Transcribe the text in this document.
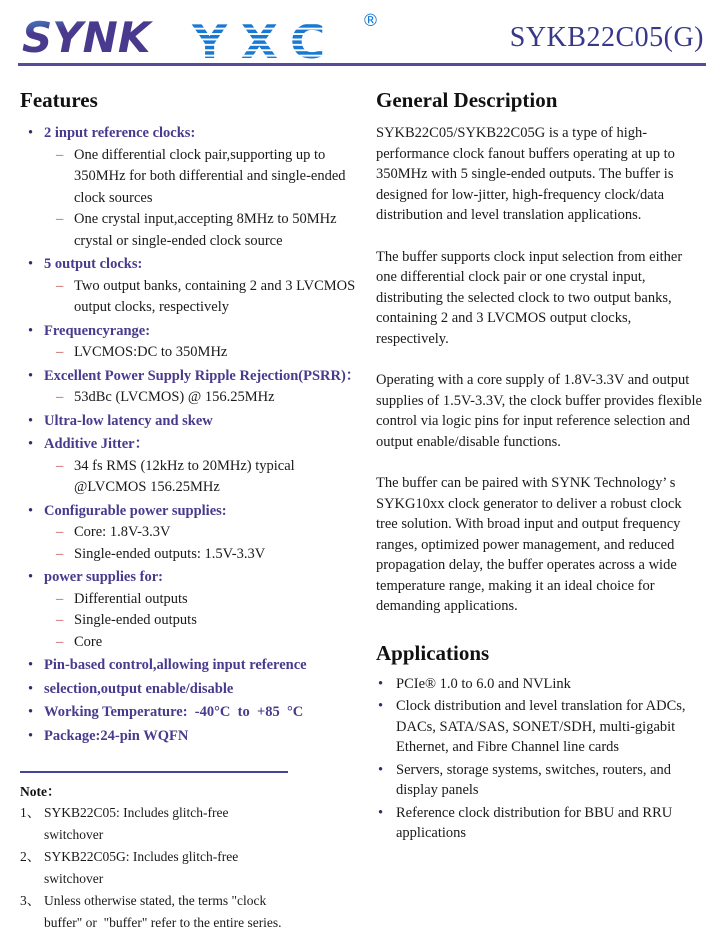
SYNK YXC ®
SYKB22C05(G)
Features
• 2 input reference clocks:
– One differential clock pair,supporting up to 350MHz for both differential and single-ended clock sources
– One crystal input,accepting 8MHz to 50MHz crystal or single-ended clock source
• 5 output clocks:
– Two output banks, containing 2 and 3 LVCMOS output clocks, respectively
• Frequencyrange:
– LVCMOS:DC to 350MHz
• Excellent Power Supply Ripple Rejection(PSRR)：
– 53dBc (LVCMOS) @ 156.25MHz
• Ultra-low latency and skew
• Additive Jitter：
– 34 fs RMS (12kHz to 20MHz) typical @LVCMOS 156.25MHz
• Configurable power supplies:
– Core: 1.8V-3.3V
– Single-ended outputs: 1.5V-3.3V
• power supplies for:
– Differential outputs
– Single-ended outputs
– Core
• Pin-based control,allowing input reference
• selection,output enable/disable
• Working Temperature:  -40°C  to  +85  °C
• Package:24-pin WQFN
Note：
1、 SYKB22C05: Includes glitch-free switchover
2、 SYKB22C05G: Includes glitch-free switchover
3、 Unless otherwise stated, the terms "clock buffer" or  "buffer" refer to the entire series.
General Description

SYKB22C05/SYKB22C05G is a type of high-performance clock fanout buffers operating at up to 350MHz with 5 single-ended outputs. The buffer is designed for low-jitter, high-frequency clock/data distribution and level translation applications.

The buffer supports clock input selection from either one differential clock pair or one crystal input, distributing the selected clock to two output banks, containing 2 and 3 LVCMOS output clocks, respectively.

Operating with a core supply of 1.8V-3.3V and output supplies of 1.5V-3.3V, the clock buffer provides flexible control via logic pins for input reference selection and output enable/disable functions.

The buffer can be paired with SYNK Technology’ s SYKG10xx clock generator to deliver a robust clock tree solution. With broad input and output frequency ranges, optimized power management, and reduced propagation delay, the buffer operates across a wide temperature range, making it an ideal choice for demanding applications.

Applications
• PCIe® 1.0 to 6.0 and NVLink
• Clock distribution and level translation for ADCs, DACs, SATA/SAS, SONET/SDH, multi-gigabit Ethernet, and Fibre Channel line cards
• Servers, storage systems, switches, routers, and display panels
• Reference clock distribution for BBU and RRU applications
